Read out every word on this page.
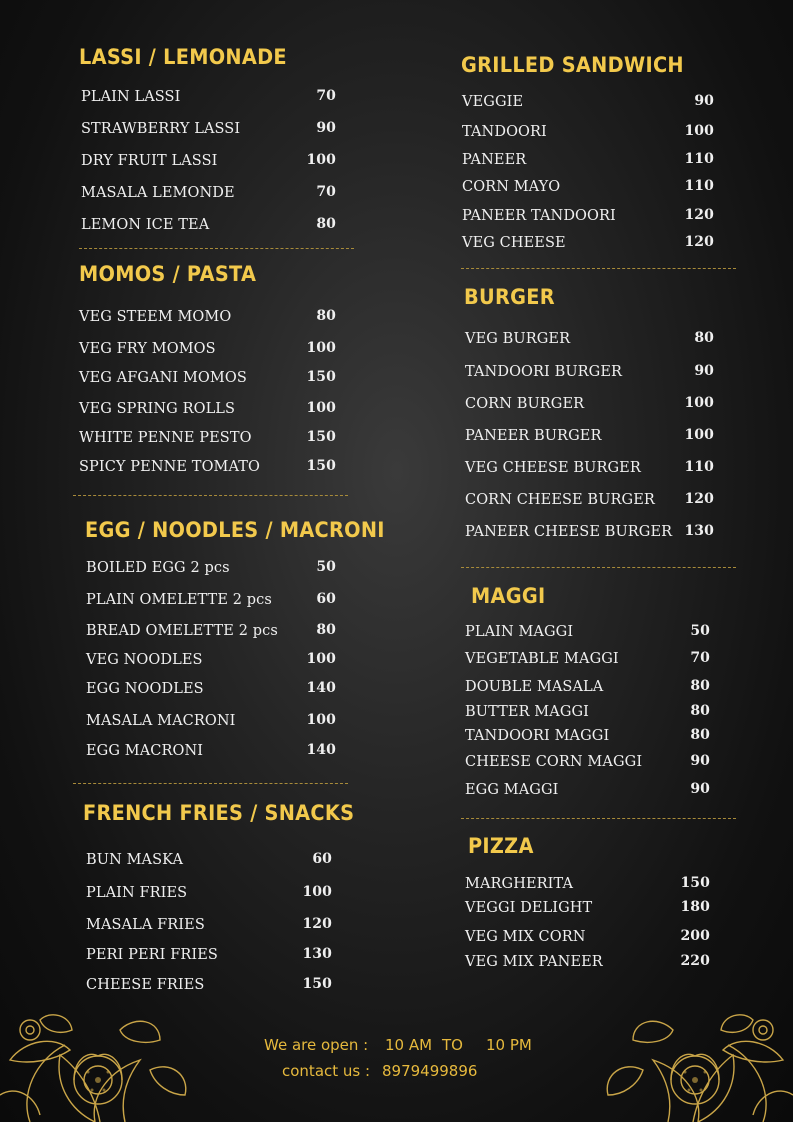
LASSI / LEMONADE
MOMOS / PASTA
EGG / NOODLES / MACRONI
FRENCH FRIES / SNACKS
GRILLED SANDWICH
BURGER
MAGGI
PIZZA
PLAIN LASSI	70
STRAWBERRY LASSI	90
DRY FRUIT LASSI	100
MASALA LEMONDE	70
LEMON ICE TEA	80
VEG STEEM MOMO	80
VEG FRY MOMOS	100
VEG AFGANI MOMOS	150
VEG SPRING ROLLS	100
WHITE PENNE PESTO	150
SPICY PENNE TOMATO	150
BOILED EGG 2 pcs	50
PLAIN OMELETTE 2 pcs	60
BREAD OMELETTE 2 pcs	80
VEG NOODLES	100
EGG NOODLES	140
MASALA MACRONI	100
EGG MACRONI	140
BUN MASKA	60
PLAIN FRIES	100
MASALA FRIES	120
PERI PERI FRIES	130
CHEESE FRIES	150
VEGGIE	90
TANDOORI	100
PANEER	110
CORN MAYO	110
PANEER TANDOORI	120
VEG CHEESE	120
VEG BURGER	80
TANDOORI BURGER	90
CORN BURGER	100
PANEER BURGER	100
VEG CHEESE BURGER	110
CORN CHEESE BURGER	120
PANEER CHEESE BURGER 130
PLAIN MAGGI	50
VEGETABLE MAGGI	70
DOUBLE MASALA	80
BUTTER MAGGI	80
TANDOORI MAGGI	80
CHEESE CORN MAGGI	90
EGG MAGGI	90
MARGHERITA	150
VEGGI DELIGHT	180
VEG MIX CORN	200
VEG MIX PANEER	220
We are open : 10 AM TO 10 PM
contact us : 8979499896
